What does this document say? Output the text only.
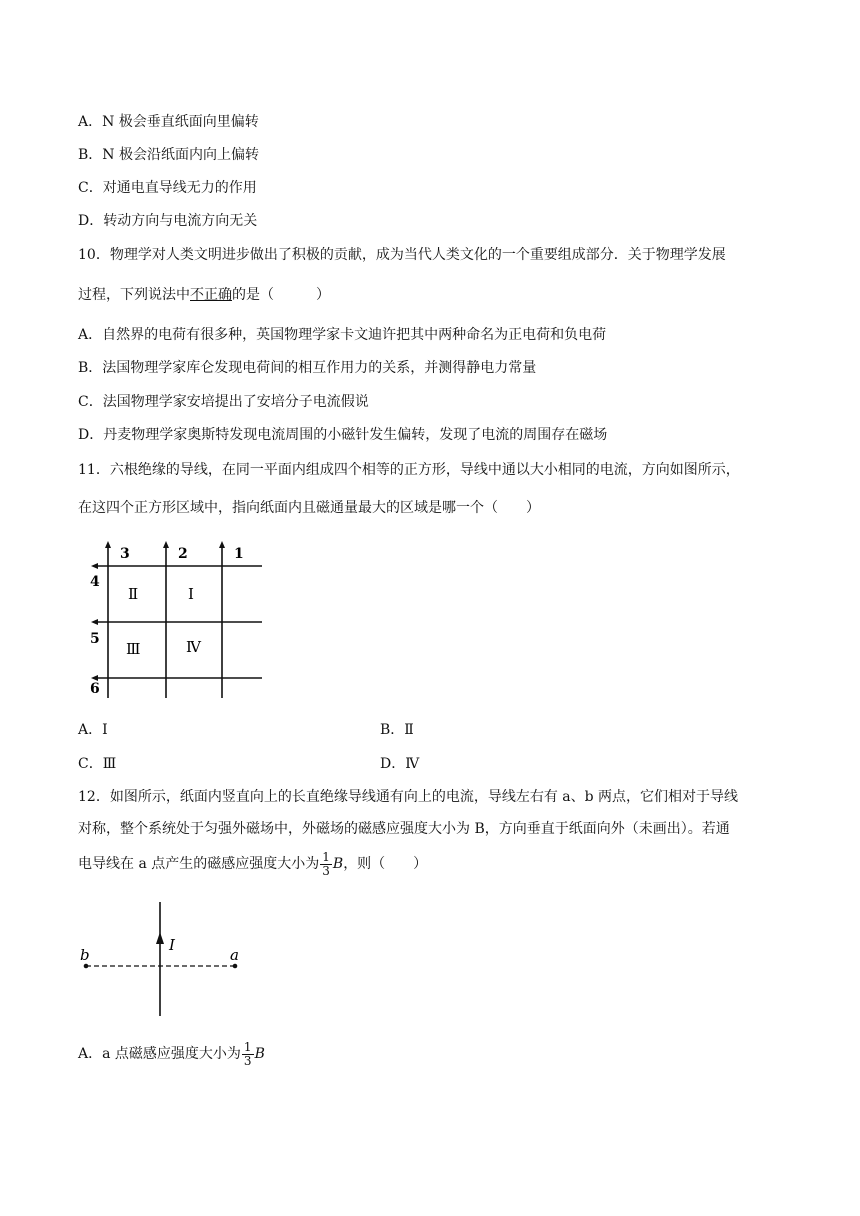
A．N 极会垂直纸面向里偏转
B．N 极会沿纸面内向上偏转
C．对通电直导线无力的作用
D．转动方向与电流方向无关
10．物理学对人类文明进步做出了积极的贡献，成为当代人类文化的一个重要组成部分．关于物理学发展
过程，下列说法中不正确的是（　　　）
A．自然界的电荷有很多种，英国物理学家卡文迪许把其中两种命名为正电荷和负电荷
B．法国物理学家库仑发现电荷间的相互作用力的关系，并测得静电力常量
C．法国物理学家安培提出了安培分子电流假说
D．丹麦物理学家奥斯特发现电流周围的小磁针发生偏转，发现了电流的周围存在磁场
11．六根绝缘的导线，在同一平面内组成四个相等的正方形，导线中通以大小相同的电流，方向如图所示，
在这四个正方形区域中，指向纸面内且磁通量最大的区域是哪一个（　　）
3	2	1
4
5
6
Ⅱ	Ⅰ
Ⅲ	Ⅳ
A．Ⅰ	B．Ⅱ
C．Ⅲ	D．Ⅳ
12．如图所示，纸面内竖直向上的长直绝缘导线通有向上的电流，导线左右有 a、b 两点，它们相对于导线
对称，整个系统处于匀强外磁场中，外磁场的磁感应强度大小为 B，方向垂直于纸面向外（未画出）。若通
电导线在 a 点产生的磁感应强度大小为 $\frac{1}{3}$ B，则（　　）
b	a
I
A．a 点磁感应强度大小为 $\frac{1}{3}$ B
